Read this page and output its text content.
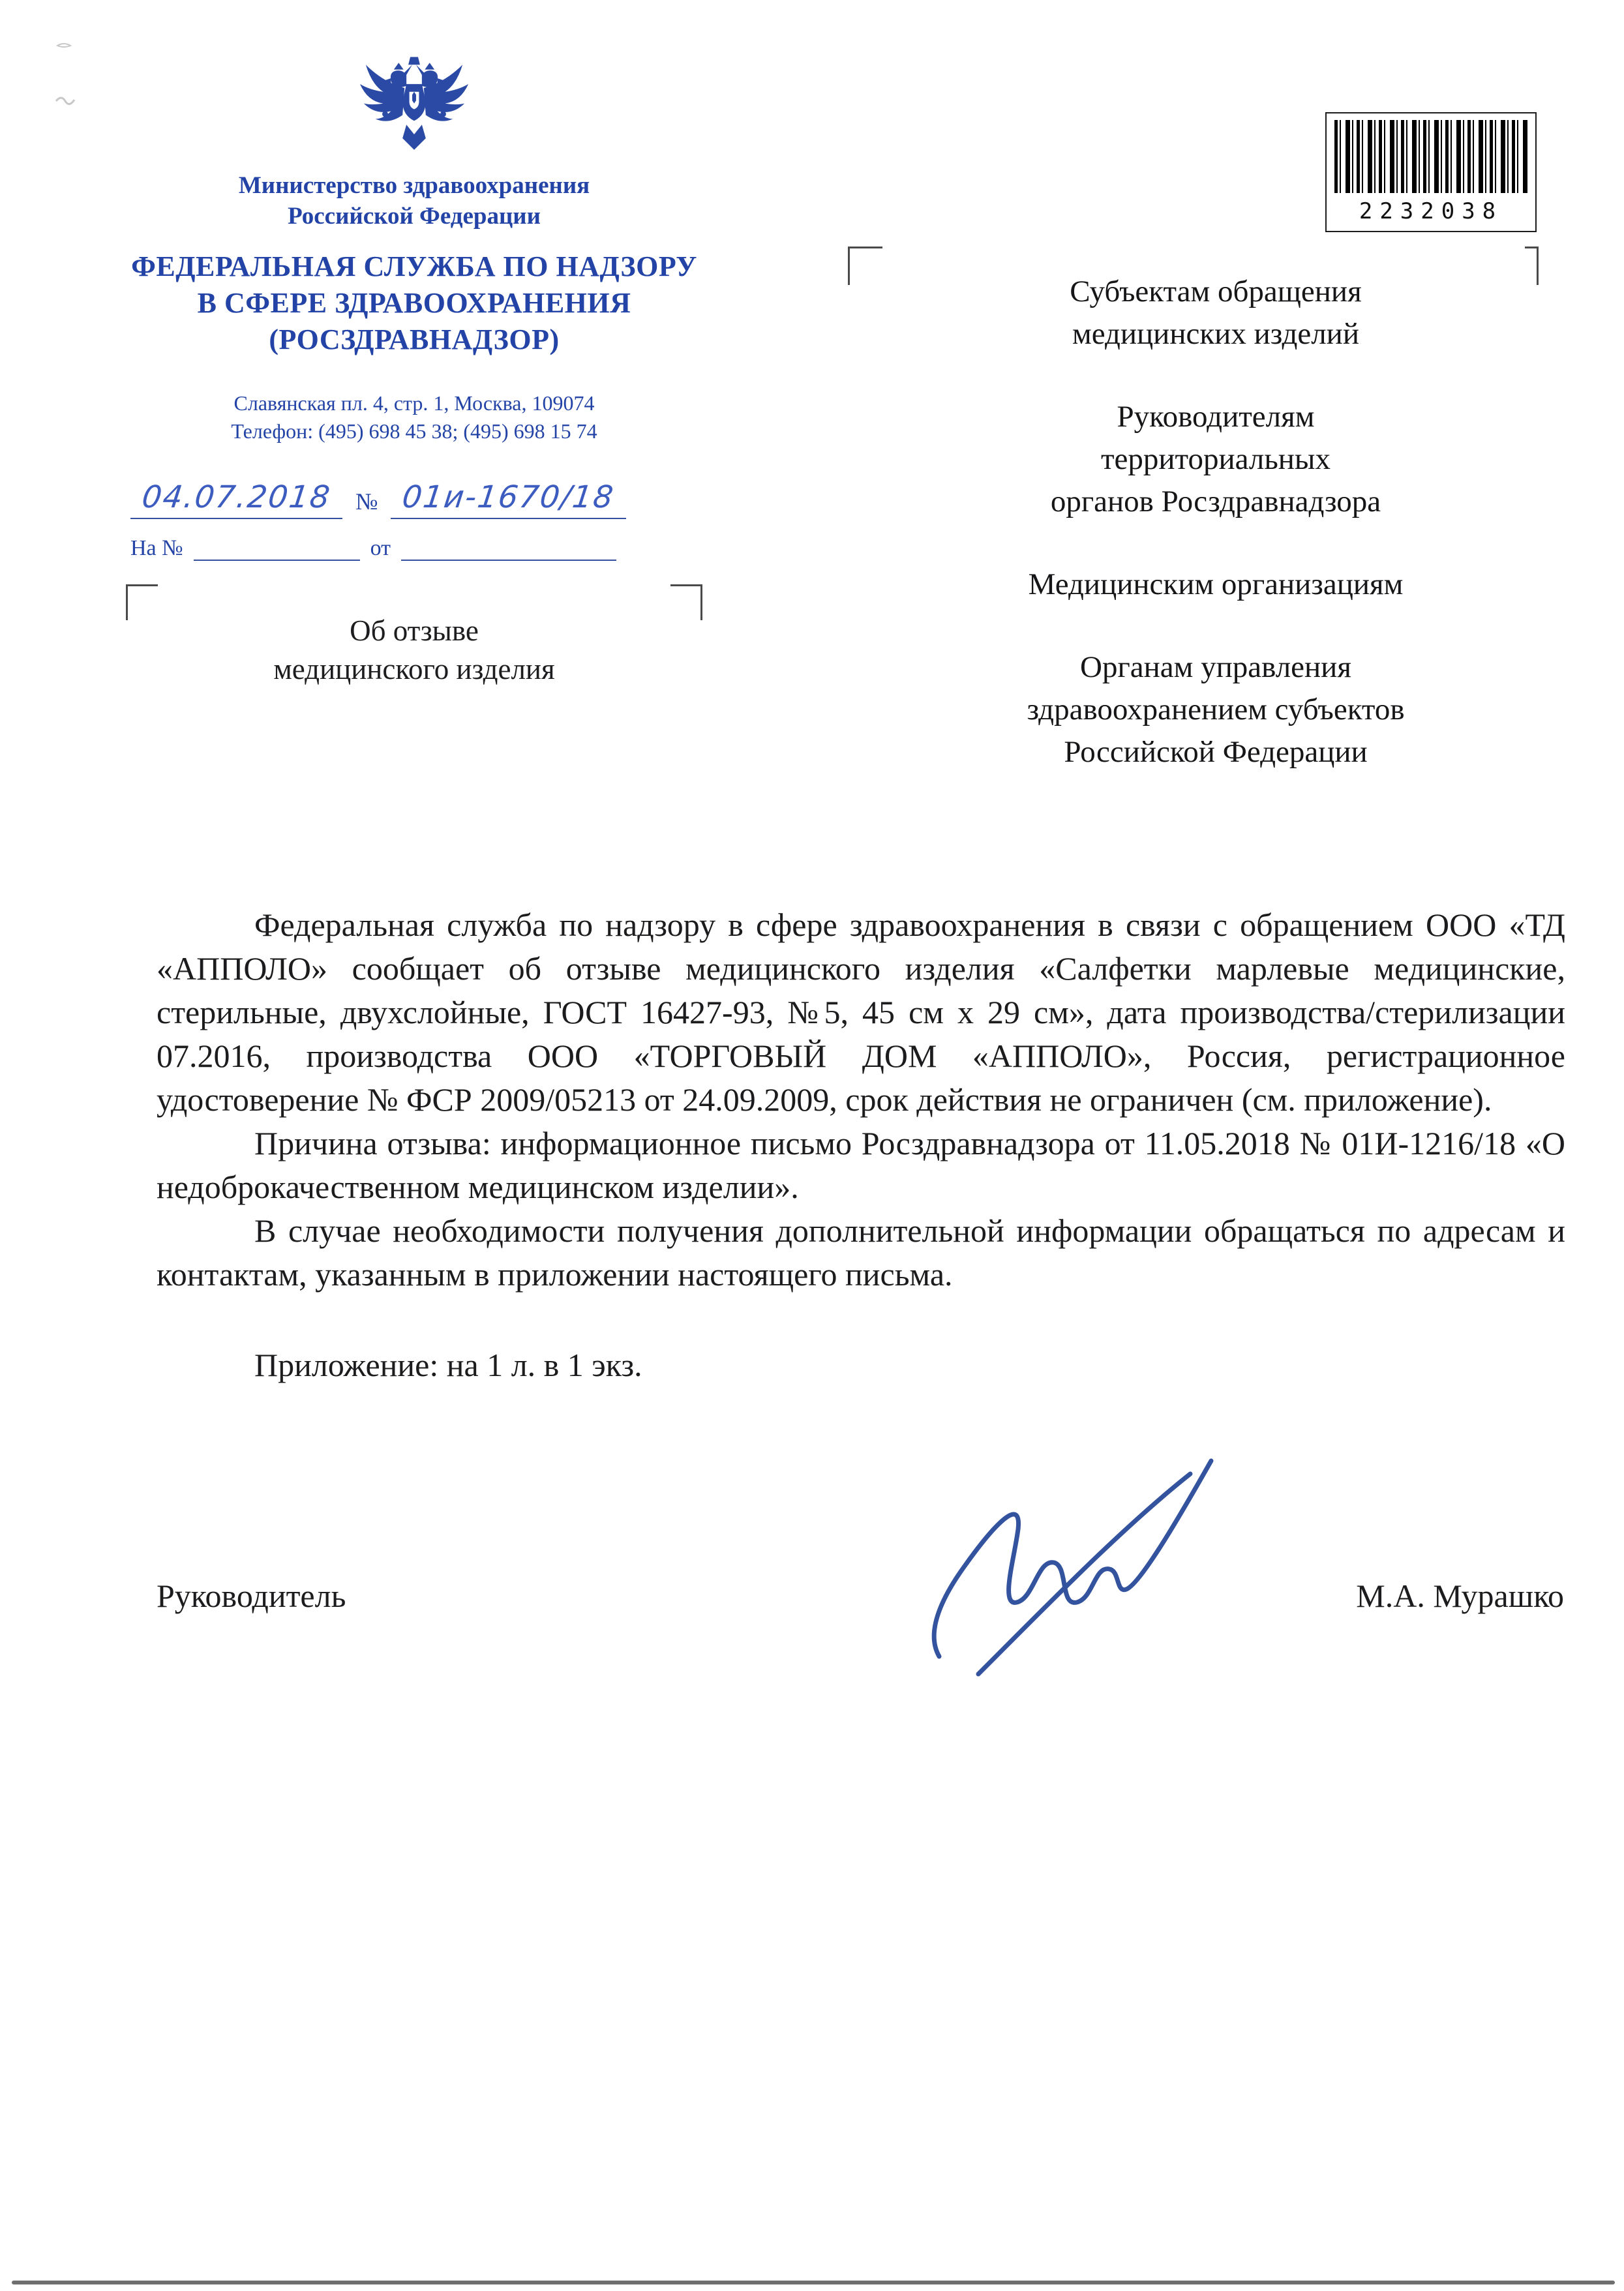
Министерство здравоохранения
Российской Федерации
ФЕДЕРАЛЬНАЯ СЛУЖБА ПО НАДЗОРУ
В СФЕРЕ ЗДРАВООХРАНЕНИЯ
(РОСЗДРАВНАДЗОР)
Славянская пл. 4, стр. 1, Москва, 109074
Телефон: (495) 698 45 38; (495) 698 15 74
04.07.2018 № 01и-1670/18
На №	от
Об отзыве
медицинского изделия
2232038
Субъектам обращения
медицинских изделий
Руководителям
территориальных
органов Росздравнадзора
Медицинским организациям
Органам управления
здравоохранением субъектов
Российской Федерации

Федеральная служба по надзору в сфере здравоохранения в связи с обращением ООО «ТД «АППОЛО» сообщает об отзыве медицинского изделия «Салфетки марлевые медицинские, стерильные, двухслойные, ГОСТ 16427-93, №5, 45 см х 29 см», дата производства/стерилизации 07.2016, производства ООО «ТОРГОВЫЙ ДОМ «АППОЛО», Россия, регистрационное удостоверение № ФСР 2009/05213 от 24.09.2009, срок действия не ограничен (см. приложение).

Причина отзыва: информационное письмо Росздравнадзора от 11.05.2018 № 01И-1216/18 «О недоброкачественном медицинском изделии».

В случае необходимости получения дополнительной информации обращаться по адресам и контактам, указанным в приложении настоящего письма.

Приложение: на 1 л. в 1 экз.

Руководитель	М.А. Мурашко
